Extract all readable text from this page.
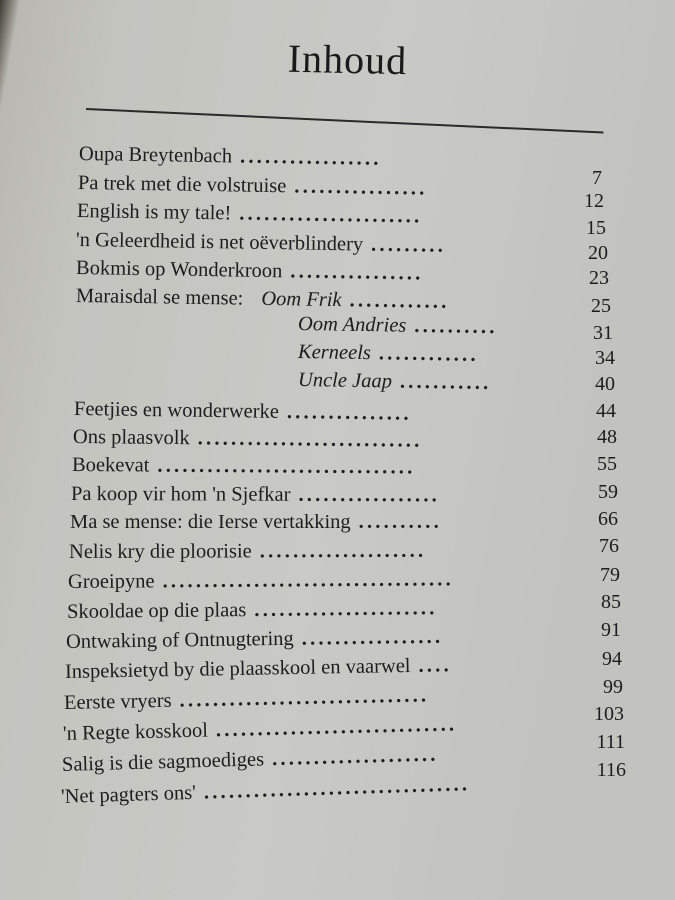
Inhoud
Oupa Breytenbach .................
Pa trek met die volstruise ................
English is my tale! ......................
'n Geleerdheid is net oëverblindery .........
Bokmis op Wonderkroon ................
Maraisdal se mense: Oom Frik ............
Oom Andries ..........
Kerneels ............
Uncle Jaap ...........
Feetjies en wonderwerke ...............
Ons plaasvolk ...........................
Boekevat ...............................
Pa koop vir hom 'n Sjefkar .................
Ma se mense: die Ierse vertakking ..........
Nelis kry die ploorisie ....................
Groeipyne ...................................
Skooldae op die plaas ......................
Ontwaking of Ontnugtering .................
Inspeksietyd by die plaasskool en vaarwel ....
Eerste vryers ..............................
'n Regte kosskool .............................
Salig is die sagmoediges ....................
'Net pagters ons' ................................
7
12
15
20
23
25
31
34
40
44
48
55
59
66
76
79
85
91
94
99
103
111
116
